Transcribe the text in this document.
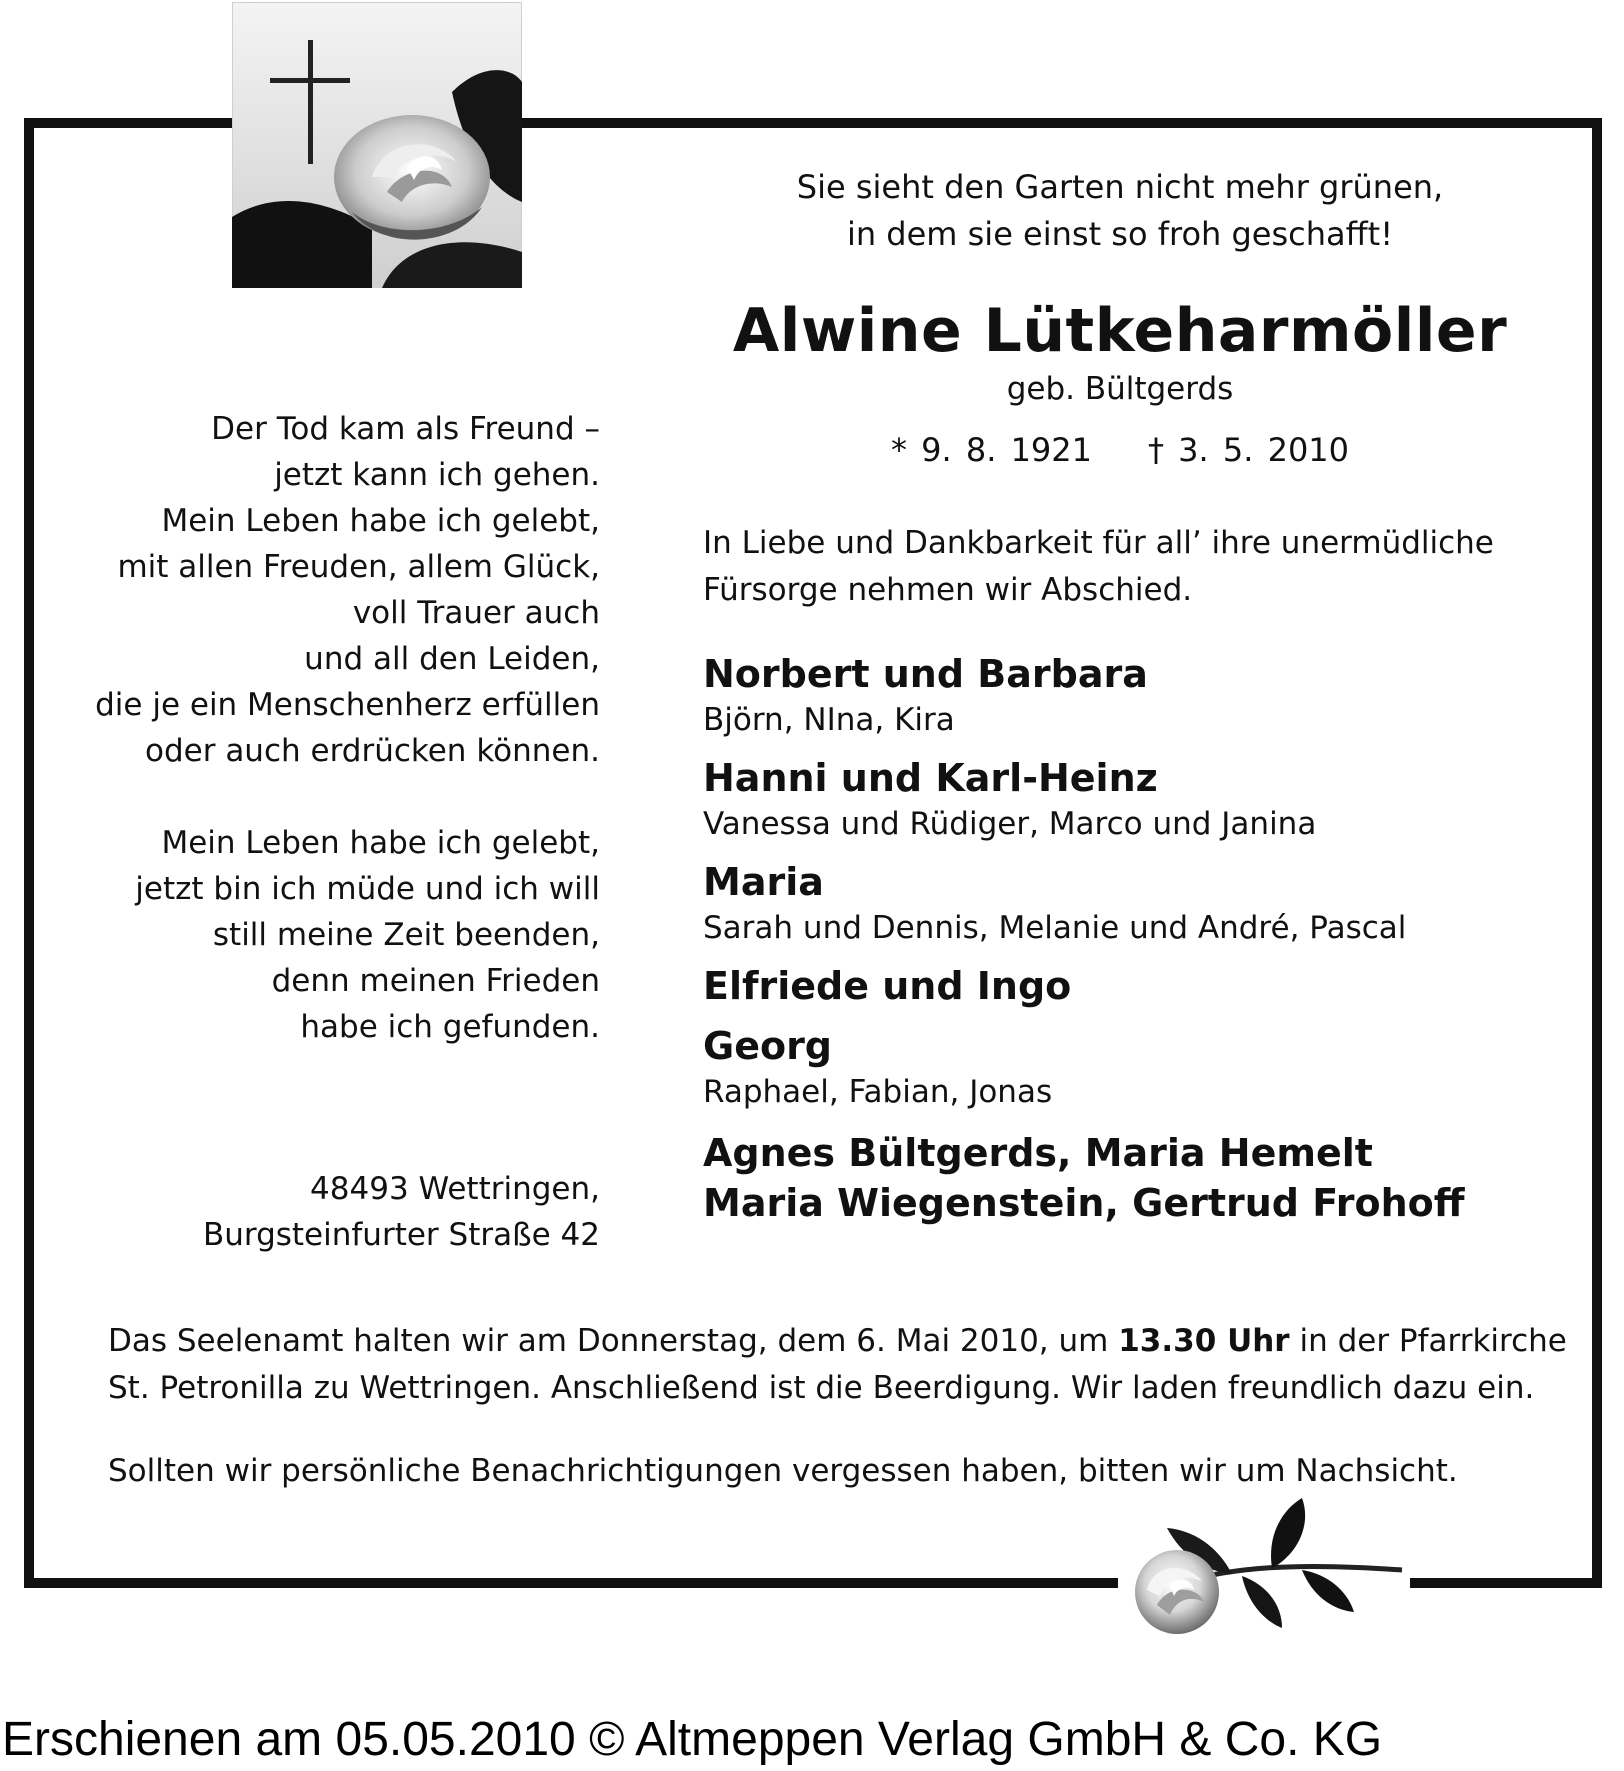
Sie sieht den Garten nicht mehr grünen,
in dem sie einst so froh geschafft!
Alwine Lütkeharmöller
geb. Bültgerds
* 9. 8. 1921 † 3. 5. 2010
In Liebe und Dankbarkeit für all’ ihre unermüdliche
Fürsorge nehmen wir Abschied.
Norbert und Barbara
Björn, NIna, Kira
Hanni und Karl-Heinz
Vanessa und Rüdiger, Marco und Janina
Maria
Sarah und Dennis, Melanie und André, Pascal
Elfriede und Ingo
Georg
Raphael, Fabian, Jonas
Agnes Bültgerds, Maria Hemelt
Maria Wiegenstein, Gertrud Frohoff
Der Tod kam als Freund –
jetzt kann ich gehen.
Mein Leben habe ich gelebt,
mit allen Freuden, allem Glück,
voll Trauer auch
und all den Leiden,
die je ein Menschenherz erfüllen
oder auch erdrücken können.
Mein Leben habe ich gelebt,
jetzt bin ich müde und ich will
still meine Zeit beenden,
denn meinen Frieden
habe ich gefunden.
48493 Wettringen,
Burgsteinfurter Straße 42
Das Seelenamt halten wir am Donnerstag, dem 6. Mai 2010, um 13.30 Uhr in der Pfarrkirche
St. Petronilla zu Wettringen. Anschließend ist die Beerdigung. Wir laden freundlich dazu ein.
Sollten wir persönliche Benachrichtigungen vergessen haben, bitten wir um Nachsicht.
Erschienen am 05.05.2010 © Altmeppen Verlag GmbH & Co. KG
